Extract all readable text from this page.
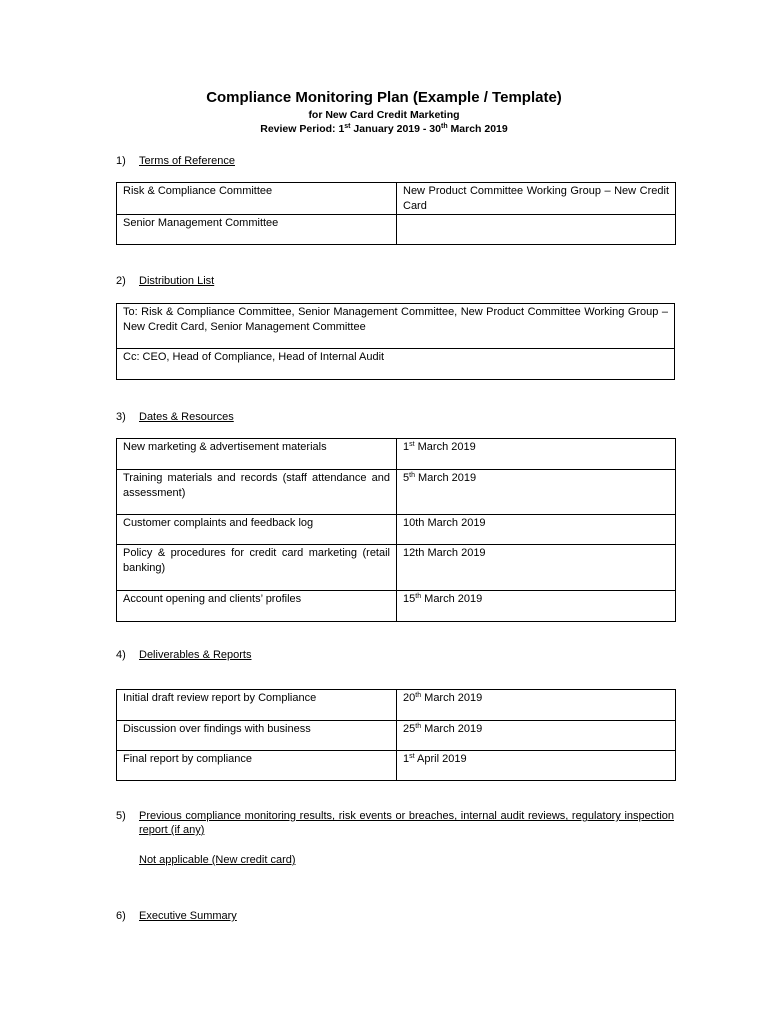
Compliance Monitoring Plan (Example / Template)
for New Card Credit Marketing
Review Period: 1st January 2019 - 30th March 2019
1) Terms of Reference
Risk & Compliance Committee	New Product Committee Working Group – New Credit Card
Senior Management Committee	
2) Distribution List
To: Risk & Compliance Committee, Senior Management Committee, New Product Committee Working Group – New Credit Card, Senior Management Committee
Cc: CEO, Head of Compliance, Head of Internal Audit
3) Dates & Resources
New marketing & advertisement materials	1st March 2019
Training materials and records (staff attendance and assessment)	5th March 2019
Customer complaints and feedback log	10th March 2019
Policy & procedures for credit card marketing (retail banking)	12th March 2019
Account opening and clients’ profiles	15th March 2019
4) Deliverables & Reports
Initial draft review report by Compliance	20th March 2019
Discussion over findings with business	25th March 2019
Final report by compliance	1st April 2019
5) Previous compliance monitoring results, risk events or breaches, internal audit reviews, regulatory inspection report (if any)
Not applicable (New credit card)
6) Executive Summary
